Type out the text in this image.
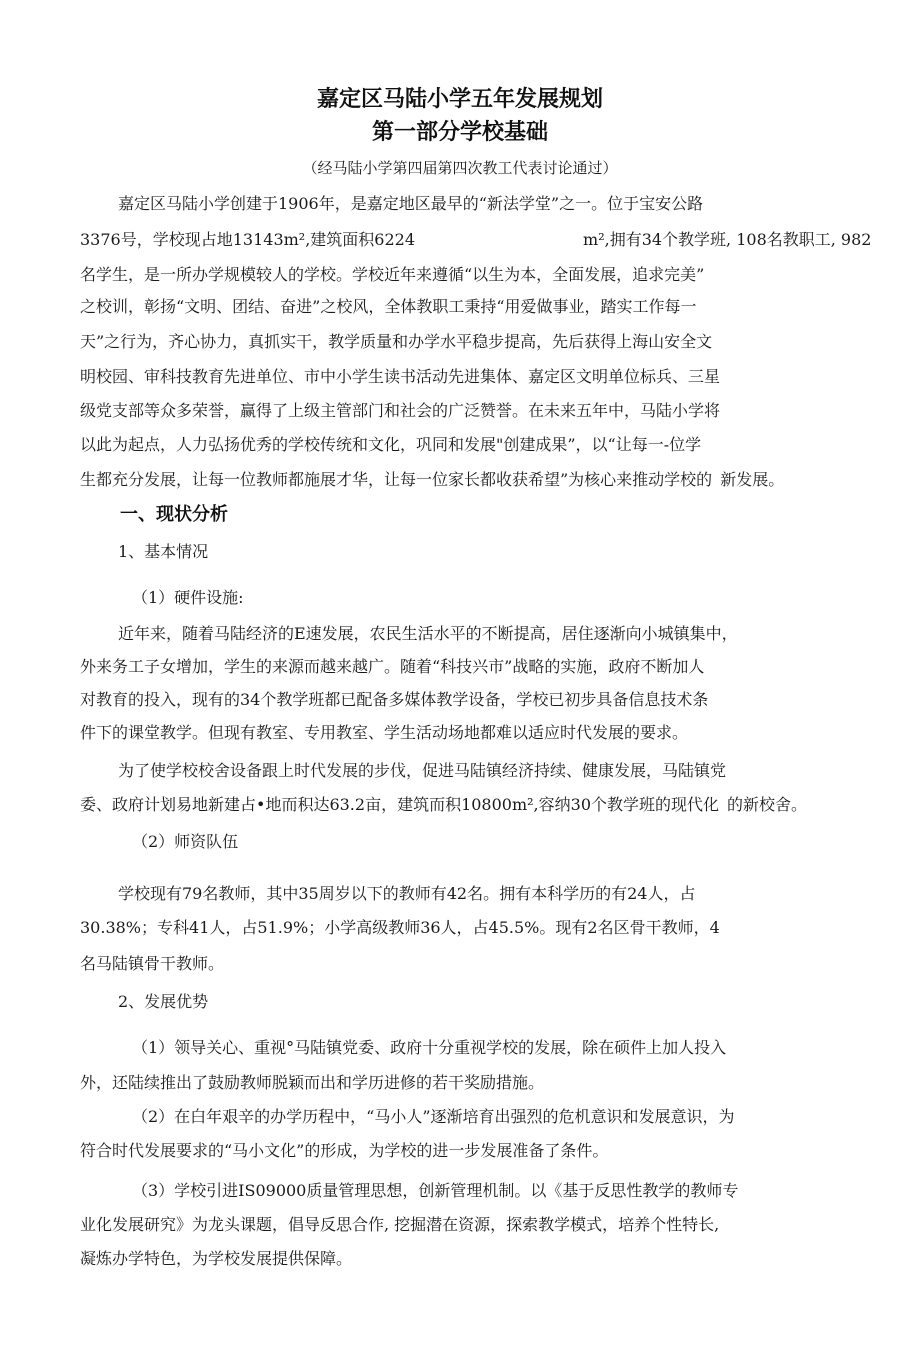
嘉定区马陆小学五年发展规划
第一部分学校基础
（经马陆小学第四届第四次教工代表讨论通过）
嘉定区马陆小学创建于1906年，是嘉定地区最早的“新法学堂”之一。位于宝安公路
3376号，学校现占地13143m²,建筑面积6224	m²,拥有34个教学班, 108名教职工, 982
名学生，是一所办学规模较人的学校。学校近年来遵循“以生为本，全面发展，追求完美”
之校训，彰扬“文明、团结、奋进”之校风，全体教职工秉持“用爱做事业，踏实工作每一
天”之行为，齐心协力，真抓实干，教学质量和办学水平稳步提高，先后获得上海山安全文
明校园、审科技教育先进单位、市中小学生读书活动先进集体、嘉定区文明单位标兵、三星
级党支部等众多荣誉，赢得了上级主管部门和社会的广泛赞誉。在未来五年中，马陆小学将
以此为起点，人力弘扬优秀的学校传统和文化，巩同和发展"创建成果”，以“让每一-位学
生都充分发展，让每一位教师都施展才华，让每一位家长都收获希望”为核心来推动学校的 新发展。
一、现状分析
1、基本情况
（1）硬件设施:
近年来，随着马陆经济的E速发展，农民生活水平的不断提高，居住逐渐向小城镇集中，
外来务工子女增加，学生的来源而越来越广。随着“科技兴市”战略的实施，政府不断加人
对教育的投入，现有的34个教学班都已配备多媒体教学设备，学校已初步具备信息技术条
件下的课堂教学。但现有教室、专用教室、学生活动场地都难以适应时代发展的要求。
为了使学校校舍设备跟上时代发展的步伐，促进马陆镇经济持续、健康发展，马陆镇党
委、政府计划易地新建占•地而积达63.2亩，建筑而积10800m²,容纳30个教学班的现代化 的新校舍。
（2）师资队伍
学校现有79名教师，其中35周岁以下的教师有42名。拥有本科学历的有24人，占
30.38%；专科41人，占51.9%；小学高级教师36人，占45.5%。现有2名区骨干教师，4
名马陆镇骨干教师。
2、发展优势
（1）领导关心、重视°马陆镇党委、政府十分重视学校的发展，除在硕件上加人投入
外，还陆续推出了鼓励教师脱颖而出和学历进修的若干奖励措施。
（2）在白年艰辛的办学历程中，“马小人”逐渐培育出强烈的危机意识和发展意识，为
符合时代发展要求的“马小文化”的形成，为学校的进一步发展准备了条件。
（3）学校引进IS09000质量管理思想，创新管理机制。以《基于反思性教学的教师专
业化发展研究》为龙头课题，倡导反思合作, 挖掘潜在资源，探索教学模式，培养个性特长,
凝炼办学特色，为学校发展提供保障。
